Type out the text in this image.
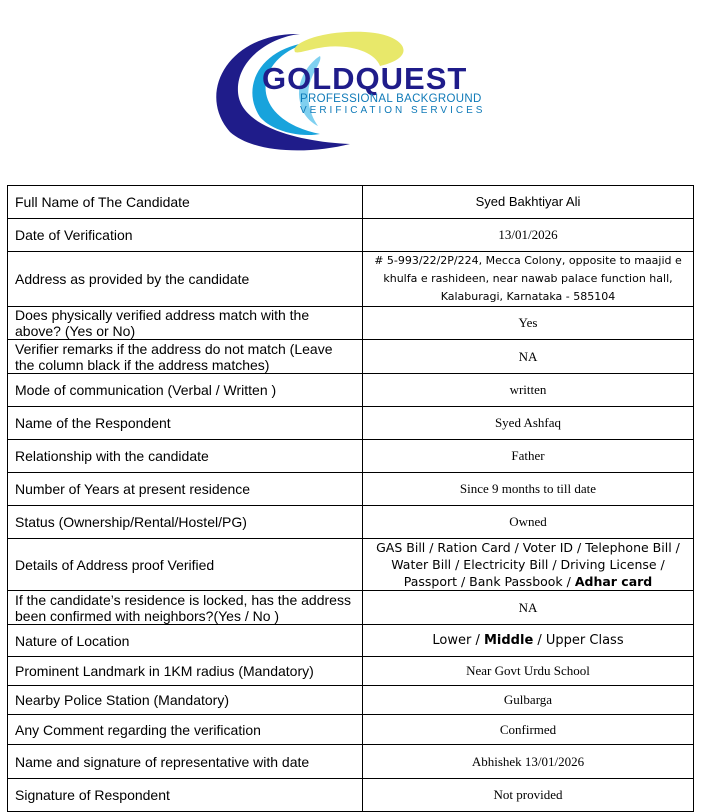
GOLDQUEST
PROFESSIONAL BACKGROUND
VERIFICATION SERVICES
Full Name of The Candidate	Syed Bakhtiyar Ali
Date of Verification	13/01/2026
Address as provided by the candidate	# 5-993/22/2P/224, Mecca Colony, opposite to maajid e khulfa e rashideen, near nawab palace function hall, Kalaburagi, Karnataka - 585104
Does physically verified address match with the above? (Yes or No)	Yes
Verifier remarks if the address do not match (Leave the column black if the address matches)	NA
Mode of communication (Verbal / Written )	written
Name of the Respondent	Syed Ashfaq
Relationship with the candidate	Father
Number of Years at present residence	Since 9 months to till date
Status (Ownership/Rental/Hostel/PG)	Owned
Details of Address proof Verified	GAS Bill / Ration Card / Voter ID / Telephone Bill / Water Bill / Electricity Bill / Driving License / Passport / Bank Passbook / Adhar card
If the candidate’s residence is locked, has the address been confirmed with neighbors?(Yes / No )	NA
Nature of Location	Lower / Middle / Upper Class
Prominent Landmark in 1KM radius (Mandatory)	Near Govt Urdu School
Nearby Police Station (Mandatory)	Gulbarga
Any Comment regarding the verification	Confirmed
Name and signature of representative with date	Abhishek 13/01/2026
Signature of Respondent	Not provided
